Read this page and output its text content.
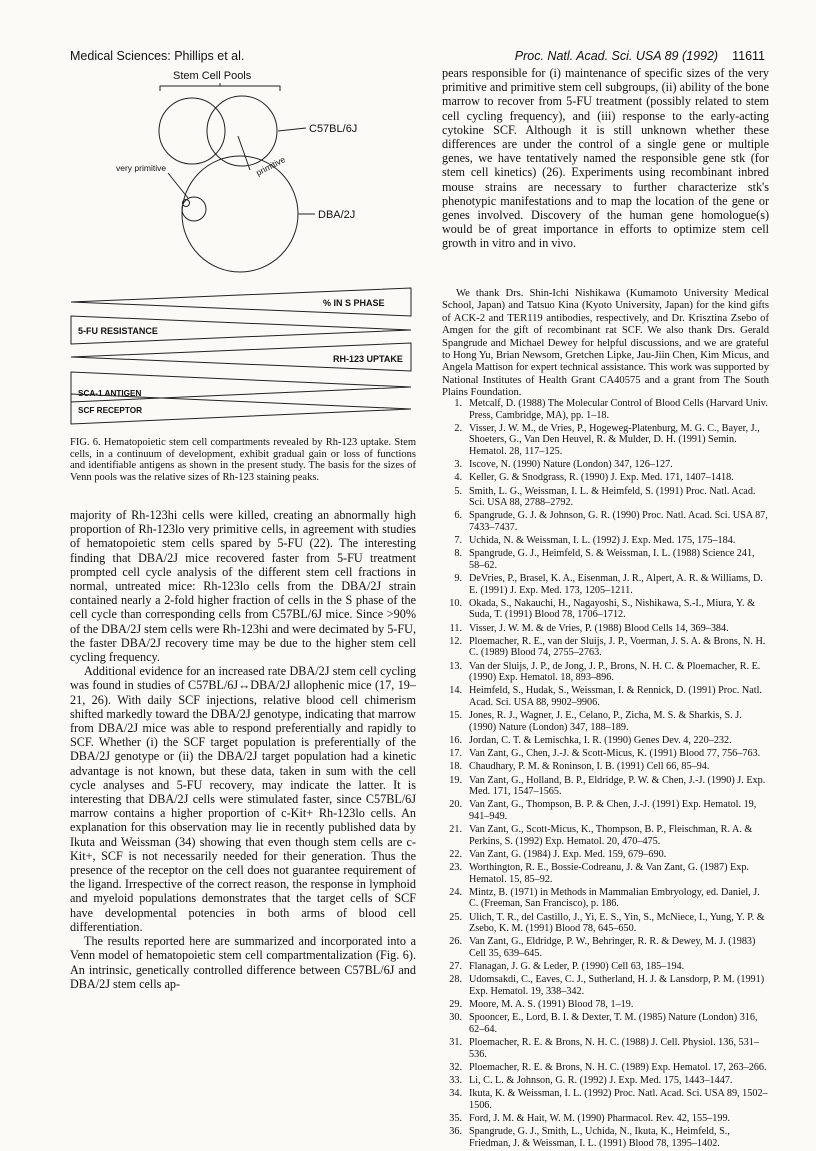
Medical Sciences: Phillips et al.	Proc. Natl. Acad. Sci. USA 89 (1992) 11611
Stem Cell Pools
C57BL/6J
DBA/2J
very primitive	primitive
% IN S PHASE
5-FU RESISTANCE
RH-123 UPTAKE
SCA-1 ANTIGEN
SCF RECEPTOR
FIG. 6. Hematopoietic stem cell compartments revealed by Rh-123 uptake. Stem cells, in a continuum of development, exhibit gradual gain or loss of functions and identifiable antigens as shown in the present study. The basis for the sizes of Venn pools was the relative sizes of Rh-123 staining peaks.

majority of Rh-123hi cells were killed, creating an abnormally high proportion of Rh-123lo very primitive cells, in agreement with studies of hematopoietic stem cells spared by 5-FU (22). The interesting finding that DBA/2J mice recovered faster from 5-FU treatment prompted cell cycle analysis of the different stem cell fractions in normal, untreated mice: Rh-123lo cells from the DBA/2J strain contained nearly a 2-fold higher fraction of cells in the S phase of the cell cycle than corresponding cells from C57BL/6J mice. Since >90% of the DBA/2J stem cells were Rh-123hi and were decimated by 5-FU, the faster DBA/2J recovery time may be due to the higher stem cell cycling frequency.

Additional evidence for an increased rate DBA/2J stem cell cycling was found in studies of C57BL/6J↔DBA/2J allophenic mice (17, 19–21, 26). With daily SCF injections, relative blood cell chimerism shifted markedly toward the DBA/2J genotype, indicating that marrow from DBA/2J mice was able to respond preferentially and rapidly to SCF. Whether (i) the SCF target population is preferentially of the DBA/2J genotype or (ii) the DBA/2J target population had a kinetic advantage is not known, but these data, taken in sum with the cell cycle analyses and 5-FU recovery, may indicate the latter. It is interesting that DBA/2J cells were stimulated faster, since C57BL/6J marrow contains a higher proportion of c-Kit+ Rh-123lo cells. An explanation for this observation may lie in recently published data by Ikuta and Weissman (34) showing that even though stem cells are c-Kit+, SCF is not necessarily needed for their generation. Thus the presence of the receptor on the cell does not guarantee requirement of the ligand. Irrespective of the correct reason, the response in lymphoid and myeloid populations demonstrates that the target cells of SCF have developmental potencies in both arms of blood cell differentiation.

The results reported here are summarized and incorporated into a Venn model of hematopoietic stem cell compartmentalization (Fig. 6). An intrinsic, genetically controlled difference between C57BL/6J and DBA/2J stem cells ap-

pears responsible for (i) maintenance of specific sizes of the very primitive and primitive stem cell subgroups, (ii) ability of the bone marrow to recover from 5-FU treatment (possibly related to stem cell cycling frequency), and (iii) response to the early-acting cytokine SCF. Although it is still unknown whether these differences are under the control of a single gene or multiple genes, we have tentatively named the responsible gene stk (for stem cell kinetics) (26). Experiments using recombinant inbred mouse strains are necessary to further characterize stk's phenotypic manifestations and to map the location of the gene or genes involved. Discovery of the human gene homologue(s) would be of great importance in efforts to optimize stem cell growth in vitro and in vivo.

We thank Drs. Shin-Ichi Nishikawa (Kumamoto University Medical School, Japan) and Tatsuo Kina (Kyoto University, Japan) for the kind gifts of ACK-2 and TER119 antibodies, respectively, and Dr. Krisztina Zsebo of Amgen for the gift of recombinant rat SCF. We also thank Drs. Gerald Spangrude and Michael Dewey for helpful discussions, and we are grateful to Hong Yu, Brian Newsom, Gretchen Lipke, Jau-Jiin Chen, Kim Micus, and Angela Mattison for expert technical assistance. This work was supported by National Institutes of Health Grant CA40575 and a grant from The South Plains Foundation.
1. Metcalf, D. (1988) The Molecular Control of Blood Cells (Harvard Univ. Press, Cambridge, MA), pp. 1–18.
2. Visser, J. W. M., de Vries, P., Hogeweg-Platenburg, M. G. C., Bayer, J., Shoeters, G., Van Den Heuvel, R. & Mulder, D. H. (1991) Semin. Hematol. 28, 117–125.
3. Iscove, N. (1990) Nature (London) 347, 126–127.
4. Keller, G. & Snodgrass, R. (1990) J. Exp. Med. 171, 1407–1418.
5. Smith, L. G., Weissman, I. L. & Heimfeld, S. (1991) Proc. Natl. Acad. Sci. USA 88, 2788–2792.
6. Spangrude, G. J. & Johnson, G. R. (1990) Proc. Natl. Acad. Sci. USA 87, 7433–7437.
7. Uchida, N. & Weissman, I. L. (1992) J. Exp. Med. 175, 175–184.
8. Spangrude, G. J., Heimfeld, S. & Weissman, I. L. (1988) Science 241, 58–62.
9. DeVries, P., Brasel, K. A., Eisenman, J. R., Alpert, A. R. & Williams, D. E. (1991) J. Exp. Med. 173, 1205–1211.
10. Okada, S., Nakauchi, H., Nagayoshi, S., Nishikawa, S.-I., Miura, Y. & Suda, T. (1991) Blood 78, 1706–1712.
11. Visser, J. W. M. & de Vries, P. (1988) Blood Cells 14, 369–384.
12. Ploemacher, R. E., van der Sluijs, J. P., Voerman, J. S. A. & Brons, N. H. C. (1989) Blood 74, 2755–2763.
13. Van der Sluijs, J. P., de Jong, J. P., Brons, N. H. C. & Ploemacher, R. E. (1990) Exp. Hematol. 18, 893–896.
14. Heimfeld, S., Hudak, S., Weissman, I. & Rennick, D. (1991) Proc. Natl. Acad. Sci. USA 88, 9902–9906.
15. Jones, R. J., Wagner, J. E., Celano, P., Zicha, M. S. & Sharkis, S. J. (1990) Nature (London) 347, 188–189.
16. Jordan, C. T. & Lemischka, I. R. (1990) Genes Dev. 4, 220–232.
17. Van Zant, G., Chen, J.-J. & Scott-Micus, K. (1991) Blood 77, 756–763.
18. Chaudhary, P. M. & Roninson, I. B. (1991) Cell 66, 85–94.
19. Van Zant, G., Holland, B. P., Eldridge, P. W. & Chen, J.-J. (1990) J. Exp. Med. 171, 1547–1565.
20. Van Zant, G., Thompson, B. P. & Chen, J.-J. (1991) Exp. Hematol. 19, 941–949.
21. Van Zant, G., Scott-Micus, K., Thompson, B. P., Fleischman, R. A. & Perkins, S. (1992) Exp. Hematol. 20, 470–475.
22. Van Zant, G. (1984) J. Exp. Med. 159, 679–690.
23. Worthington, R. E., Bossie-Codreanu, J. & Van Zant, G. (1987) Exp. Hematol. 15, 85–92.
24. Mintz, B. (1971) in Methods in Mammalian Embryology, ed. Daniel, J. C. (Freeman, San Francisco), p. 186.
25. Ulich, T. R., del Castillo, J., Yi, E. S., Yin, S., McNiece, I., Yung, Y. P. & Zsebo, K. M. (1991) Blood 78, 645–650.
26. Van Zant, G., Eldridge, P. W., Behringer, R. R. & Dewey, M. J. (1983) Cell 35, 639–645.
27. Flanagan, J. G. & Leder, P. (1990) Cell 63, 185–194.
28. Udomsakdi, C., Eaves, C. J., Sutherland, H. J. & Lansdorp, P. M. (1991) Exp. Hematol. 19, 338–342.
29. Moore, M. A. S. (1991) Blood 78, 1–19.
30. Spooncer, E., Lord, B. I. & Dexter, T. M. (1985) Nature (London) 316, 62–64.
31. Ploemacher, R. E. & Brons, N. H. C. (1988) J. Cell. Physiol. 136, 531–536.
32. Ploemacher, R. E. & Brons, N. H. C. (1989) Exp. Hematol. 17, 263–266.
33. Li, C. L. & Johnson, G. R. (1992) J. Exp. Med. 175, 1443–1447.
34. Ikuta, K. & Weissman, I. L. (1992) Proc. Natl. Acad. Sci. USA 89, 1502–1506.
35. Ford, J. M. & Hait, W. M. (1990) Pharmacol. Rev. 42, 155–199.
36. Spangrude, G. J., Smith, L., Uchida, N., Ikuta, K., Heimfeld, S., Friedman, J. & Weissman, I. L. (1991) Blood 78, 1395–1402.
